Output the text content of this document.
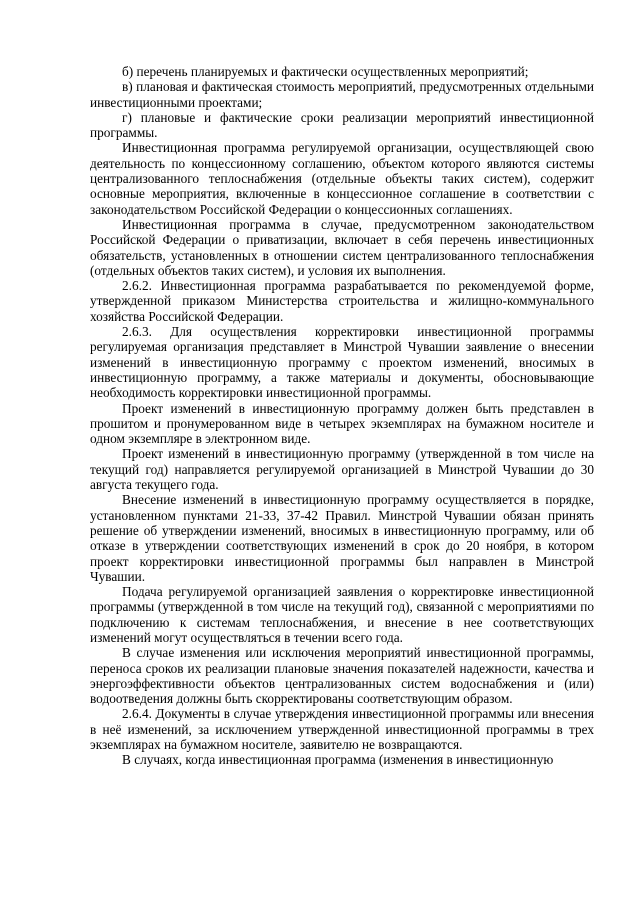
б) перечень планируемых и фактически осуществленных мероприятий;

в) плановая и фактическая стоимость мероприятий, предусмотренных отдельными инвестиционными проектами;

г) плановые и фактические сроки реализации мероприятий инвестиционной программы.

Инвестиционная программа регулируемой организации, осуществляющей свою деятельность по концессионному соглашению, объектом которого являются системы централизованного теплоснабжения (отдельные объекты таких систем), содержит основные мероприятия, включенные в концессионное соглашение в соответствии с законодательством Российской Федерации о концессионных соглашениях.

Инвестиционная программа в случае, предусмотренном законодательством Российской Федерации о приватизации, включает в себя перечень инвестиционных обязательств, установленных в отношении систем централизованного теплоснабжения (отдельных объектов таких систем), и условия их выполнения.

2.6.2. Инвестиционная программа разрабатывается по рекомендуемой форме, утвержденной приказом Министерства строительства и жилищно-коммунального хозяйства Российской Федерации.

2.6.3. Для осуществления корректировки инвестиционной программы регулируемая организация представляет в Минстрой Чувашии заявление о внесении изменений в инвестиционную программу с проектом изменений, вносимых в инвестиционную программу, а также материалы и документы, обосновывающие необходимость корректировки инвестиционной программы.

Проект изменений в инвестиционную программу должен быть представлен в прошитом и пронумерованном виде в четырех экземплярах на бумажном носителе и одном экземпляре в электронном виде.

Проект изменений в инвестиционную программу (утвержденной в том числе на текущий год) направляется регулируемой организацией в Минстрой Чувашии до 30 августа текущего года.

Внесение изменений в инвестиционную программу осуществляется в порядке, установленном пунктами 21-33, 37-42 Правил. Минстрой Чувашии обязан принять решение об утверждении изменений, вносимых в инвестиционную программу, или об отказе в утверждении соответствующих изменений в срок до 20 ноября, в котором проект корректировки инвестиционной программы был направлен в Минстрой Чувашии.

Подача регулируемой организацией заявления о корректировке инвестиционной программы (утвержденной в том числе на текущий год), связанной с мероприятиями по подключению к системам теплоснабжения, и внесение в нее соответствующих изменений могут осуществляться в течении всего года.

В случае изменения или исключения мероприятий инвестиционной программы, переноса сроков их реализации плановые значения показателей надежности, качества и энергоэффективности объектов централизованных систем водоснабжения и (или) водоотведения должны быть скорректированы соответствующим образом.

2.6.4. Документы в случае утверждения инвестиционной программы или внесения в неё изменений, за исключением утвержденной инвестиционной программы в трех экземплярах на бумажном носителе, заявителю не возвращаются.

В случаях, когда инвестиционная программа (изменения в инвестиционную
